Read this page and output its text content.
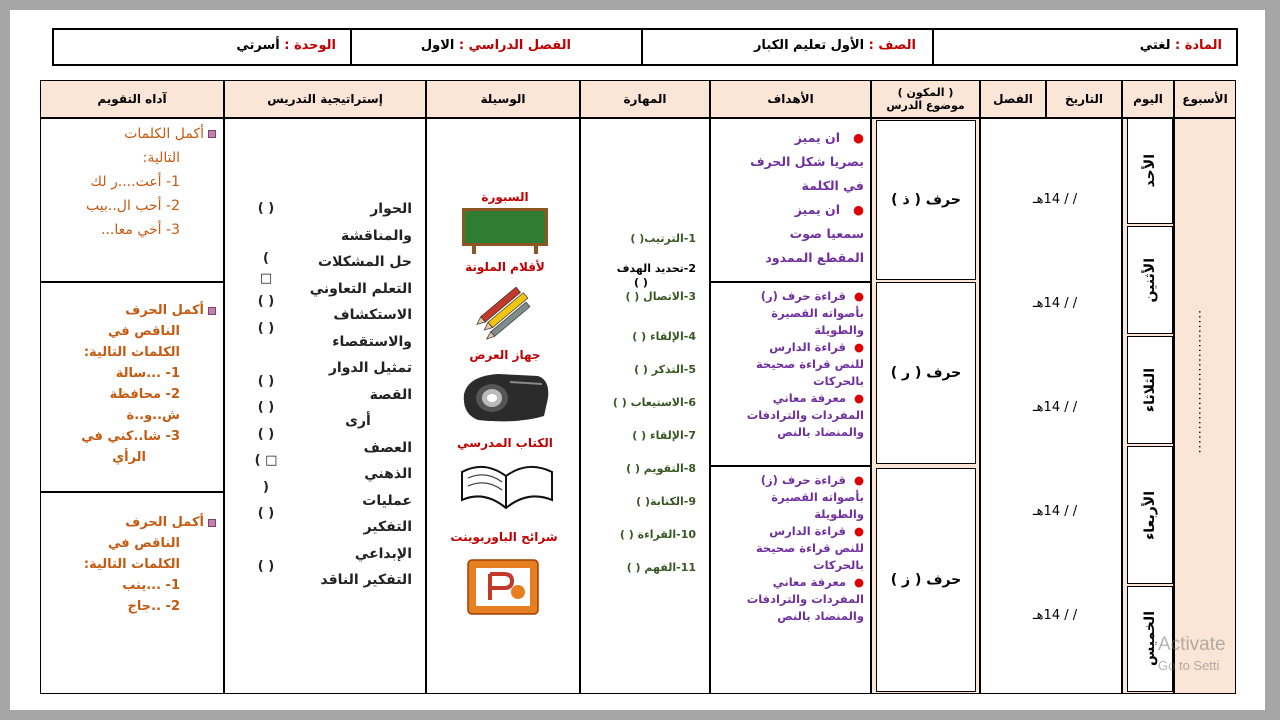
المادة : لغتي
الصف : الأول تعليم الكبار
الفصل الدراسي : الاول
الوحدة : أسرتي
الأسبوع
اليوم
التاريخ
الفصل
( المكون )
موضوع الدرس
الأهداف
المهارة
الوسيلة
إستراتيجية التدريس
آداه التقويم
..............................
الأحد
الأثنين
الثلاثاء
الأربعاء
الخميس
/ / 14هـ
/ / 14هـ
/ / 14هـ
/ / 14هـ
/ / 14هـ
حرف ( ذ )
حرف ( ر )
حرف ( ز )
●   ان يميز
بصريا شكل الحرف
في الكلمة
●   ان يميز
سمعيا صوت
المقطع الممدود
●  قراءة حرف (ر)
بأصواته القصيرة
والطويلة
●  قراءة الدارس
للنص قراءة صحيحة
بالحركات
●  معرفة معاني
المفردات والترادفات
والمنضاد بالنص
●  قراءة حرف (ز)
بأصواته القصيرة
والطويلة
●  قراءة الدارس
للنص قراءة صحيحة
بالحركات
●  معرفة معاني
المفردات والترادفات
والمنضاد بالنص
1-الترتيب( )
2-تحديد الهدف
( )
3-الاتصال ( )
4-الإلقاء ( )
5-التذكر ( )
6-الاستيعاب ( )
7-الإلقاء ( )
8-التقويم ( )
9-الكتابة( )
10-القراءة ( )
11-الفهم ( )
السبورة
لأقلام الملونة
جهاز العرض
الكتاب المدرسي
شرائح الباوربوينت
الحوار
والمناقشة
حل المشكلات
التعلم التعاوني
الاستكشاف
والاستقصاء
تمثيل الدوار
القصة
أرى
العصف
الذهني
عمليات
التفكير
الإبداعي
التفكير الناقد
( )

(
□
( )
( )

( )
( )
( )
( □
)
( )

( )
أكمل الكلمات
التالية:
1- أعت....ر لك
2- أحب ال..بيب
3- أخي معا...
أكمل الحرف
الناقص في
الكلمات التالية:
1- ...سالة
2- محافظة
ش..و..ة
3- شا..كني في
الرأي
أكمل الحرف
الناقص في
الكلمات التالية:
1- ...ينب
2- ..جاج
Activate
Go to Setti
